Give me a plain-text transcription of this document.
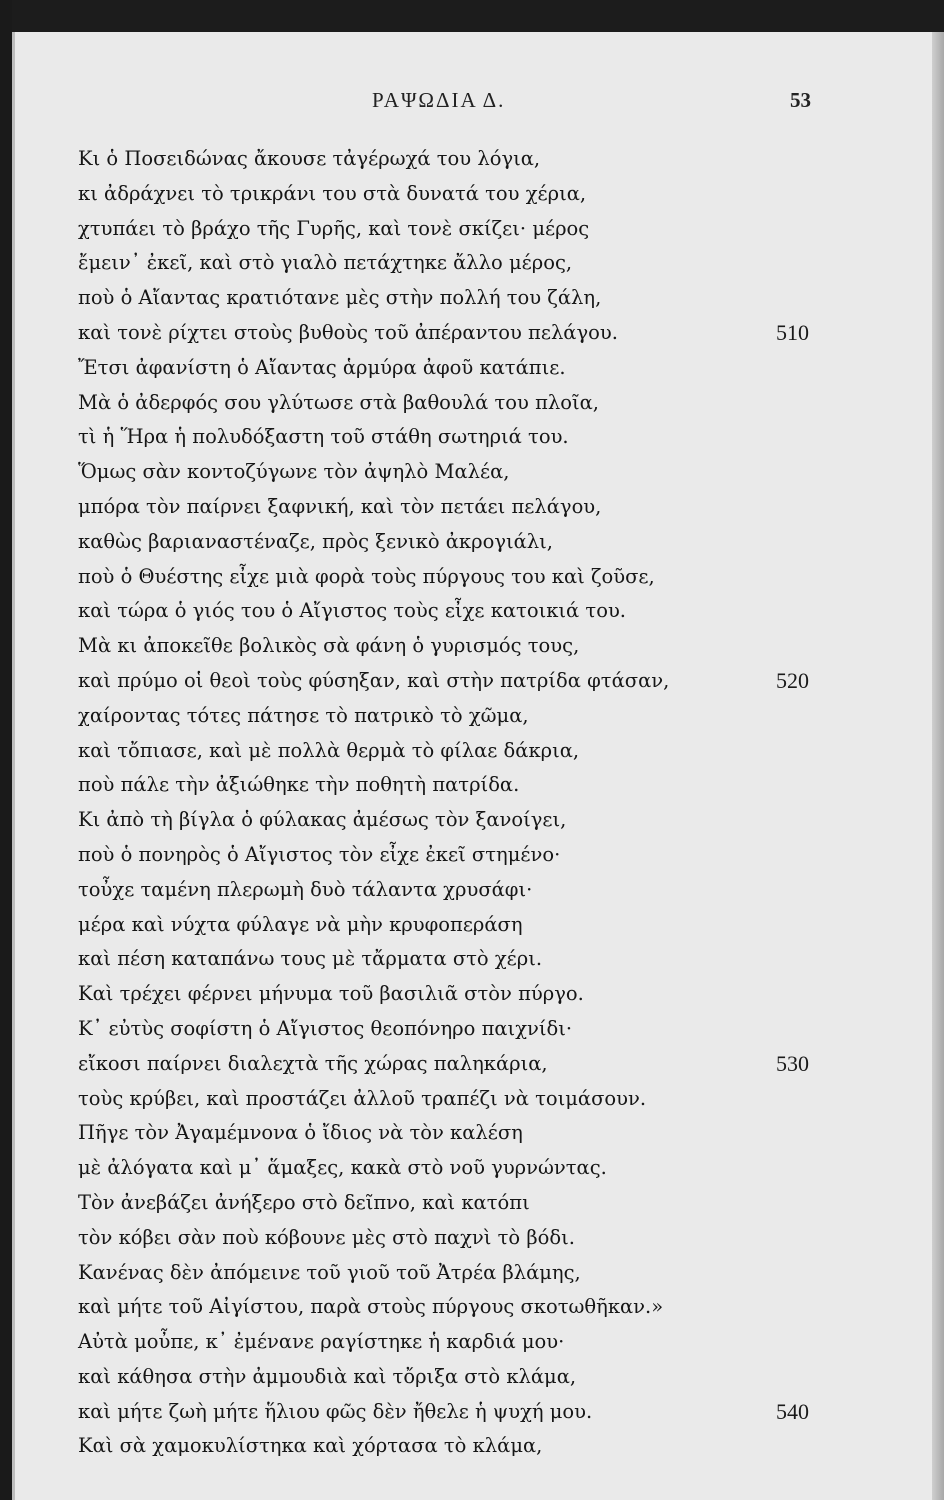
ΡΑΨΩΔΙΑ Δ.	53
Κι ὁ Ποσειδώνας ἄκουσε τἀγέρωχά του λόγια,
κι ἀδράχνει τὸ τρικράνι του στὰ δυνατά του χέρια,
χτυπάει τὸ βράχο τῆς Γυρῆς, καὶ τονὲ σκίζει· μέρος
ἔμειν᾽ ἐκεῖ, καὶ στὸ γιαλὸ πετάχτηκε ἄλλο μέρος,
ποὺ ὁ Αἴαντας κρατιότανε μὲς στὴν πολλή του ζάλη,
καὶ τονὲ ρίχτει στοὺς βυθοὺς τοῦ ἀπέραντου πελάγου.	510
Ἔτσι ἀφανίστη ὁ Αἴαντας ἁρμύρα ἀφοῦ κατάπιε.
Μὰ ὁ ἀδερφός σου γλύτωσε στὰ βαθουλά του πλοῖα,
τὶ ἡ Ἥρα ἡ πολυδόξαστη τοῦ στάθη σωτηριά του.
Ὅμως σὰν κοντοζύγωνε τὸν ἀψηλὸ Μαλέα,
μπόρα τὸν παίρνει ξαφνική, καὶ τὸν πετάει πελάγου,
καθὼς βαριαναστέναζε, πρὸς ξενικὸ ἀκρογιάλι,
ποὺ ὁ Θυέστης εἶχε μιὰ φορὰ τοὺς πύργους του καὶ ζοῦσε,
καὶ τώρα ὁ γιός του ὁ Αἴγιστος τοὺς εἶχε κατοικιά του.
Μὰ κι ἀποκεῖθε βολικὸς σὰ φάνη ὁ γυρισμός τους,
καὶ πρύμο οἱ θεοὶ τοὺς φύσηξαν, καὶ στὴν πατρίδα φτάσαν,	520
χαίροντας τότες πάτησε τὸ πατρικὸ τὸ χῶμα,
καὶ τὄπιασε, καὶ μὲ πολλὰ θερμὰ τὸ φίλαε δάκρια,
ποὺ πάλε τὴν ἀξιώθηκε τὴν ποθητὴ πατρίδα.
Κι ἀπὸ τὴ βίγλα ὁ φύλακας ἀμέσως τὸν ξανοίγει,
ποὺ ὁ πονηρὸς ὁ Αἴγιστος τὸν εἶχε ἐκεῖ στημένο·
τοὖχε ταμένη πλερωμὴ δυὸ τάλαντα χρυσάφι·
μέρα καὶ νύχτα φύλαγε νὰ μὴν κρυφοπεράση
καὶ πέση καταπάνω τους μὲ τἄρματα στὸ χέρι.
Καὶ τρέχει φέρνει μήνυμα τοῦ βασιλιᾶ στὸν πύργο.
Κ᾽ εὐτὺς σοφίστη ὁ Αἴγιστος θεοπόνηρο παιχνίδι·
εἴκοσι παίρνει διαλεχτὰ τῆς χώρας παληκάρια,	530
τοὺς κρύβει, καὶ προστάζει ἀλλοῦ τραπέζι νὰ τοιμάσουν.
Πῆγε τὸν Ἀγαμέμνονα ὁ ἴδιος νὰ τὸν καλέση
μὲ ἀλόγατα καὶ μ᾽ ἅμαξες, κακὰ στὸ νοῦ γυρνώντας.
Τὸν ἀνεβάζει ἀνήξερο στὸ δεῖπνο, καὶ κατόπι
τὸν κόβει σὰν ποὺ κόβουνε μὲς στὸ παχνὶ τὸ βόδι.
Κανένας δὲν ἀπόμεινε τοῦ γιοῦ τοῦ Ἀτρέα βλάμης,
καὶ μήτε τοῦ Αἰγίστου, παρὰ στοὺς πύργους σκοτωθῆκαν.»
Αὐτὰ μοὖπε, κ᾽ ἐμένανε ραγίστηκε ἡ καρδιά μου·
καὶ κάθησα στὴν ἀμμουδιὰ καὶ τὄριξα στὸ κλάμα,
καὶ μήτε ζωὴ μήτε ἥλιου φῶς δὲν ἤθελε ἡ ψυχή μου.	540
Καὶ σὰ χαμοκυλίστηκα καὶ χόρτασα τὸ κλάμα,
